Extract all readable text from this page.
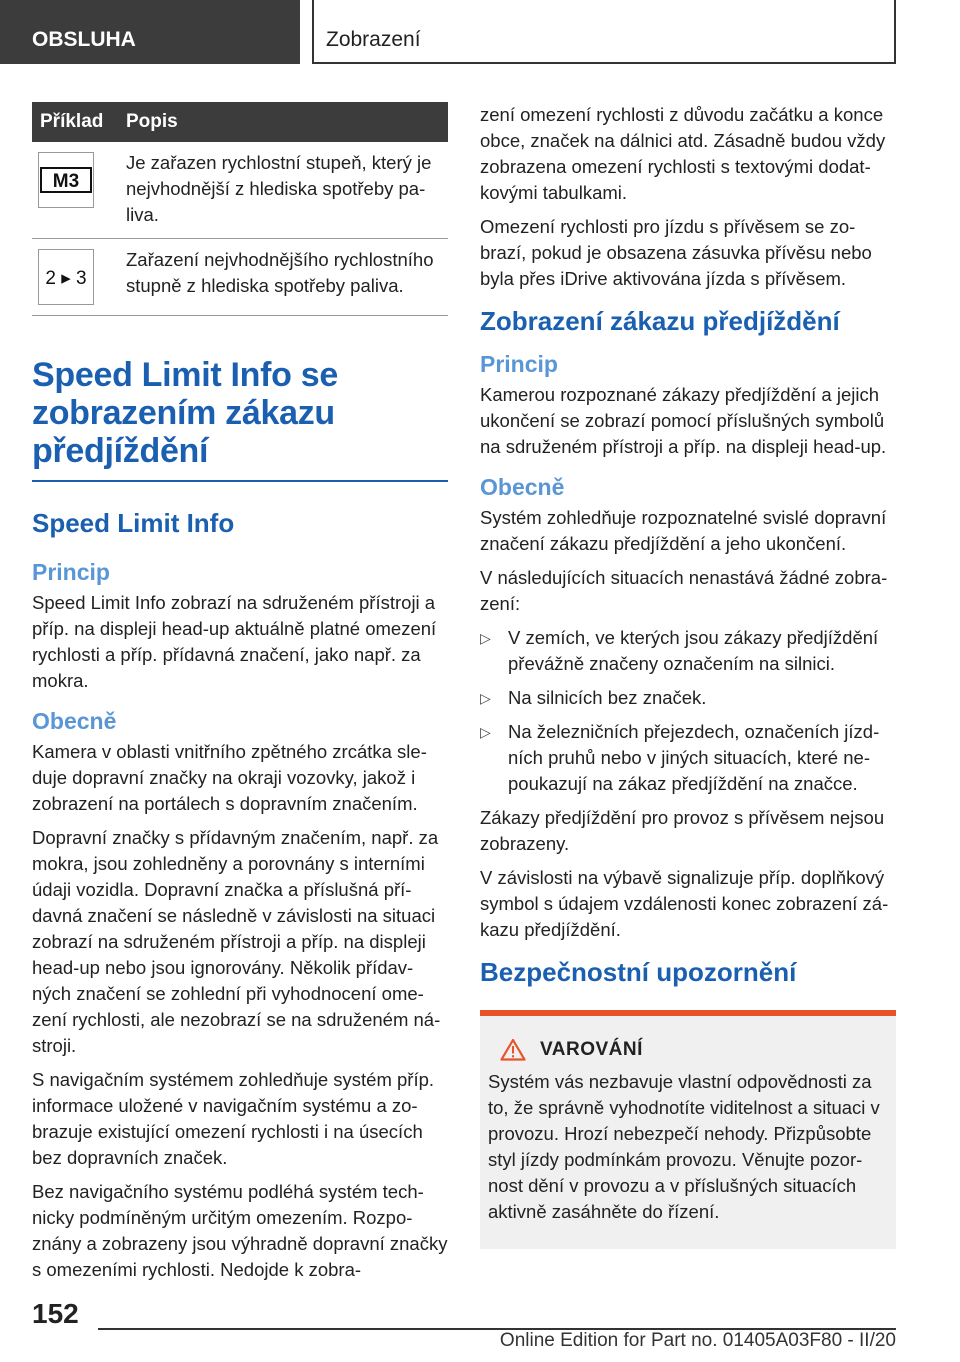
OBSLUHA	Zobrazení
Příklad	Popis

M3	Je zařazen rychlostní stupeň, který je nejvhodnější z hlediska spotřeby pa-liva.

2 ▸ 3	Zařazení nejvhodnějšího rychlostního stupně z hlediska spotřeby paliva.
Speed Limit Info se zobrazením zákazu předjíždění
Speed Limit Info
Princip

Speed Limit Info zobrazí na sdruženém přístroji a příp. na displeji head-up aktuálně platné omezení rychlosti a příp. přídavná značení, jako např. za mokra.

Obecně

Kamera v oblasti vnitřního zpětného zrcátka sle-duje dopravní značky na okraji vozovky, jakož i zobrazení na portálech s dopravním značením.

Dopravní značky s přídavným značením, např. za mokra, jsou zohledněny a porovnány s interními údaji vozidla. Dopravní značka a příslušná pří-davná značení se následně v závislosti na situaci zobrazí na sdruženém přístroji a příp. na displeji head-up nebo jsou ignorovány. Několik přídav-ných značení se zohlední při vyhodnocení ome-zení rychlosti, ale nezobrazí se na sdruženém ná-stroji.

S navigačním systémem zohledňuje systém příp. informace uložené v navigačním systému a zo-brazuje existující omezení rychlosti i na úsecích bez dopravních značek.

Bez navigačního systému podléhá systém tech-nicky podmíněným určitým omezením. Rozpo-znány a zobrazeny jsou výhradně dopravní značky s omezeními rychlosti. Nedojde k zobra-

zení omezení rychlosti z důvodu začátku a konce obce, značek na dálnici atd. Zásadně budou vždy zobrazena omezení rychlosti s textovými dodat-kovými tabulkami.

Omezení rychlosti pro jízdu s přívěsem se zo-brazí, pokud je obsazena zásuvka přívěsu nebo byla přes iDrive aktivována jízda s přívěsem.

Zobrazení zákazu předjíždění
Princip

Kamerou rozpoznané zákazy předjíždění a jejich ukončení se zobrazí pomocí příslušných symbolů na sdruženém přístroji a příp. na displeji head-up.

Obecně

Systém zohledňuje rozpoznatelné svislé dopravní značení zákazu předjíždění a jeho ukončení.

V následujících situacích nenastává žádné zobra-zení:

▷ V zemích, ve kterých jsou zákazy předjíždění převážně značeny označením na silnici.
▷ Na silnicích bez značek.
▷ Na železničních přejezdech, označeních jízd-ních pruhů nebo v jiných situacích, které ne-poukazují na zákaz předjíždění na značce.

Zákazy předjíždění pro provoz s přívěsem nejsou zobrazeny.

V závislosti na výbavě signalizuje příp. doplňkový symbol s údajem vzdálenosti konec zobrazení zá-kazu předjíždění.

Bezpečnostní upozornění
VAROVÁNÍ

Systém vás nezbavuje vlastní odpovědnosti za to, že správně vyhodnotíte viditelnost a situaci v provozu. Hrozí nebezpečí nehody. Přizpůsobte styl jízdy podmínkám provozu. Věnujte pozor-nost dění v provozu a v příslušných situacích aktivně zasáhněte do řízení.

152
Online Edition for Part no. 01405A03F80 - II/20
